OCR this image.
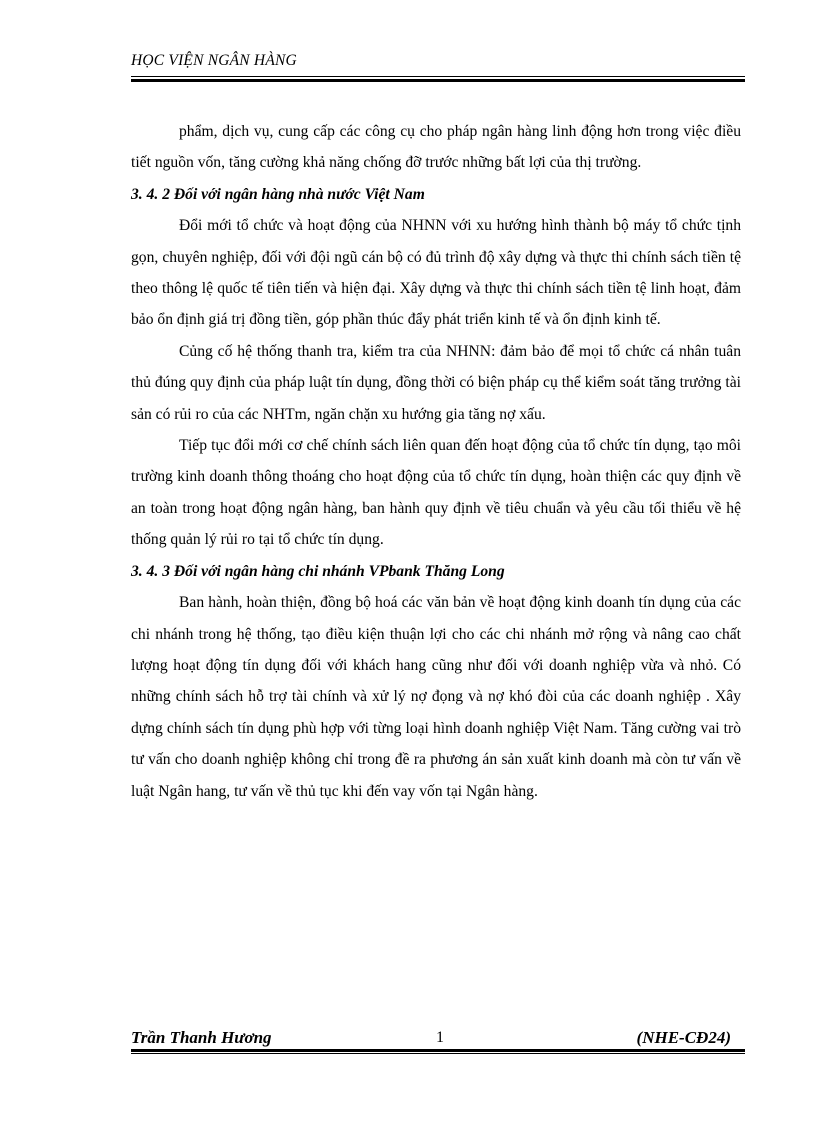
HỌC VIỆN NGÂN HÀNG

phẩm, dịch vụ, cung cấp các công cụ cho pháp ngân hàng linh động hơn trong việc điều tiết nguồn vốn, tăng cường khả năng chống đỡ trước những bất lợi của thị trường.

3. 4. 2 Đối với ngân hàng nhà nước Việt Nam

Đổi mới tổ chức và hoạt động của NHNN với xu hướng hình thành bộ máy tổ chức tịnh gọn, chuyên nghiệp, đối với đội ngũ cán bộ có đủ trình độ xây dựng và thực thi chính sách tiền tệ theo thông lệ quốc tế tiên tiến và hiện đại. Xây dựng và thực thi chính sách tiền tệ linh hoạt, đảm bảo ổn định giá trị đồng tiền, góp phần thúc đẩy phát triển kinh tế và ổn định kinh tế.

Củng cố hệ thống thanh tra, kiểm tra của NHNN: đảm bảo để mọi tổ chức cá nhân tuân thủ đúng quy định của pháp luật tín dụng, đồng thời có biện pháp cụ thể kiểm soát tăng trưởng tài sản có rủi ro của các NHTm, ngăn chặn xu hướng gia tăng nợ xấu.

Tiếp tục đổi mới cơ chế chính sách liên quan đến hoạt động của tổ chức tín dụng, tạo môi trường kinh doanh thông thoáng cho hoạt động của tổ chức tín dụng, hoàn thiện các quy định về an toàn trong hoạt động ngân hàng, ban hành quy định về tiêu chuẩn và yêu cầu tối thiểu về hệ thống quản lý rủi ro tại tổ chức tín dụng.

3. 4. 3 Đối với ngân hàng chi nhánh VPbank Thăng Long

Ban hành, hoàn thiện, đồng bộ hoá các văn bản về hoạt động kinh doanh tín dụng của các chi nhánh trong hệ thống, tạo điều kiện thuận lợi cho các chi nhánh mở rộng và nâng cao chất lượng hoạt động tín dụng đối với khách hang cũng như đối với doanh nghiệp vừa và nhỏ. Có những chính sách hỗ trợ tài chính và xử lý nợ đọng và nợ khó đòi của các doanh nghiệp . Xây dựng chính sách tín dụng phù hợp với từng loại hình doanh nghiệp Việt Nam. Tăng cường vai trò tư vấn cho doanh nghiệp không chỉ trong đề ra phương án sản xuất kinh doanh mà còn tư vấn về luật Ngân hang, tư vấn về thủ tục khi đến vay vốn tại Ngân hàng.

Trần Thanh Hương	1	(NHE-CĐ24)
